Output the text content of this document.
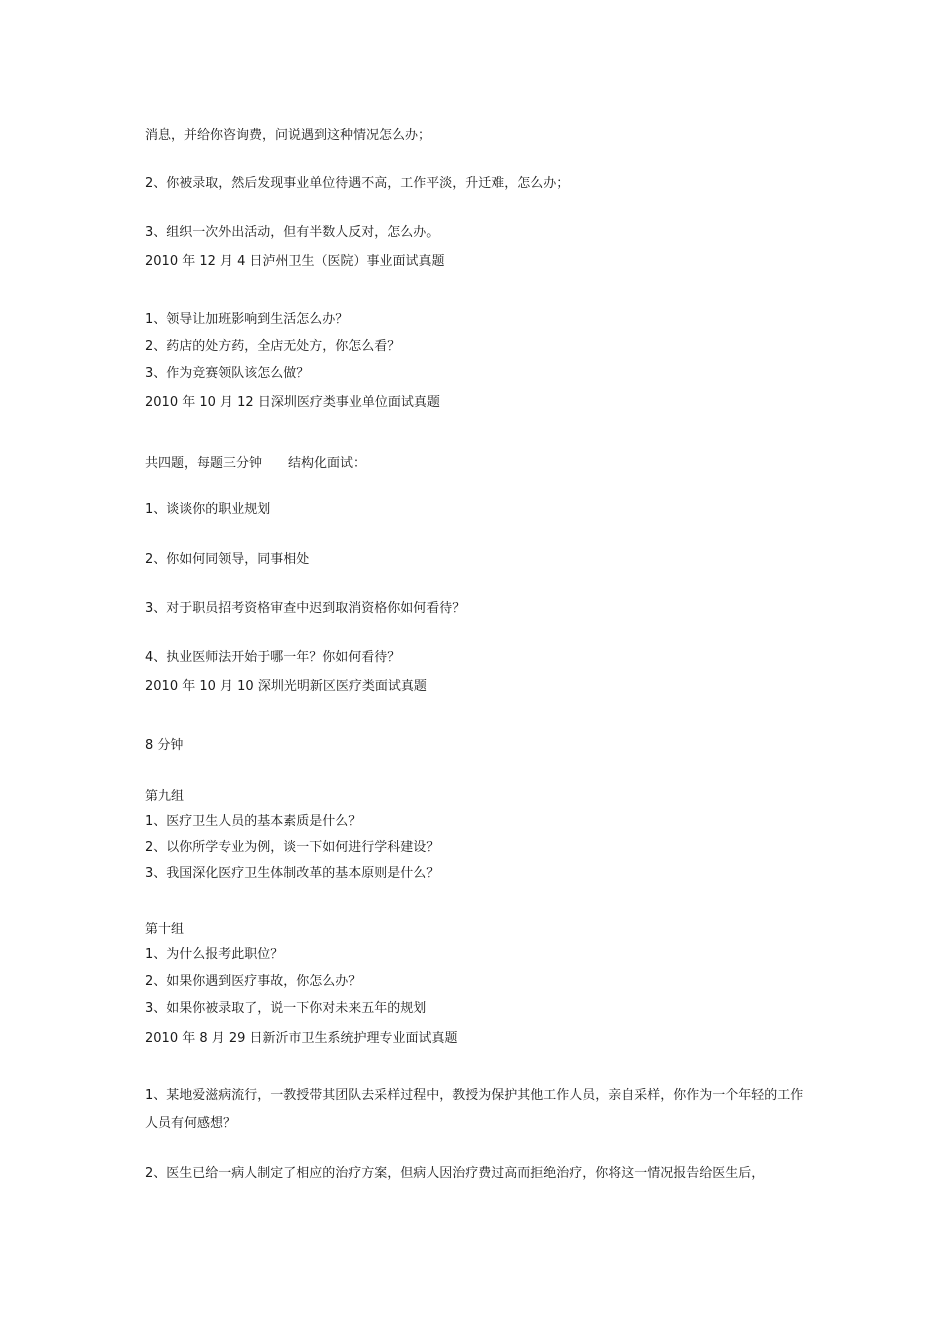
消息，并给你咨询费，问说遇到这种情况怎么办；

2、你被录取，然后发现事业单位待遇不高，工作平淡，升迁难，怎么办；

3、组织一次外出活动，但有半数人反对，怎么办。

2010 年 12 月 4 日泸州卫生（医院）事业面试真题

1、领导让加班影响到生活怎么办？

2、药店的处方药，全店无处方，你怎么看？

3、作为竞赛领队该怎么做？

2010 年 10 月 12 日深圳医疗类事业单位面试真题

共四题，每题三分钟　　结构化面试：

1、谈谈你的职业规划

2、你如何同领导，同事相处

3、对于职员招考资格审查中迟到取消资格你如何看待？

4、执业医师法开始于哪一年？你如何看待？

2010 年 10 月 10 深圳光明新区医疗类面试真题

8 分钟

第九组

1、医疗卫生人员的基本素质是什么？

2、以你所学专业为例，谈一下如何进行学科建设？

3、我国深化医疗卫生体制改革的基本原则是什么？

第十组

1、为什么报考此职位？

2、如果你遇到医疗事故，你怎么办？

3、如果你被录取了，说一下你对未来五年的规划

2010 年 8 月 29 日新沂市卫生系统护理专业面试真题

1、某地爱滋病流行，一教授带其团队去采样过程中，教授为保护其他工作人员，亲自采样，你作为一个年轻的工作人员有何感想？

2、医生已给一病人制定了相应的治疗方案，但病人因治疗费过高而拒绝治疗，你将这一情况报告给医生后，
